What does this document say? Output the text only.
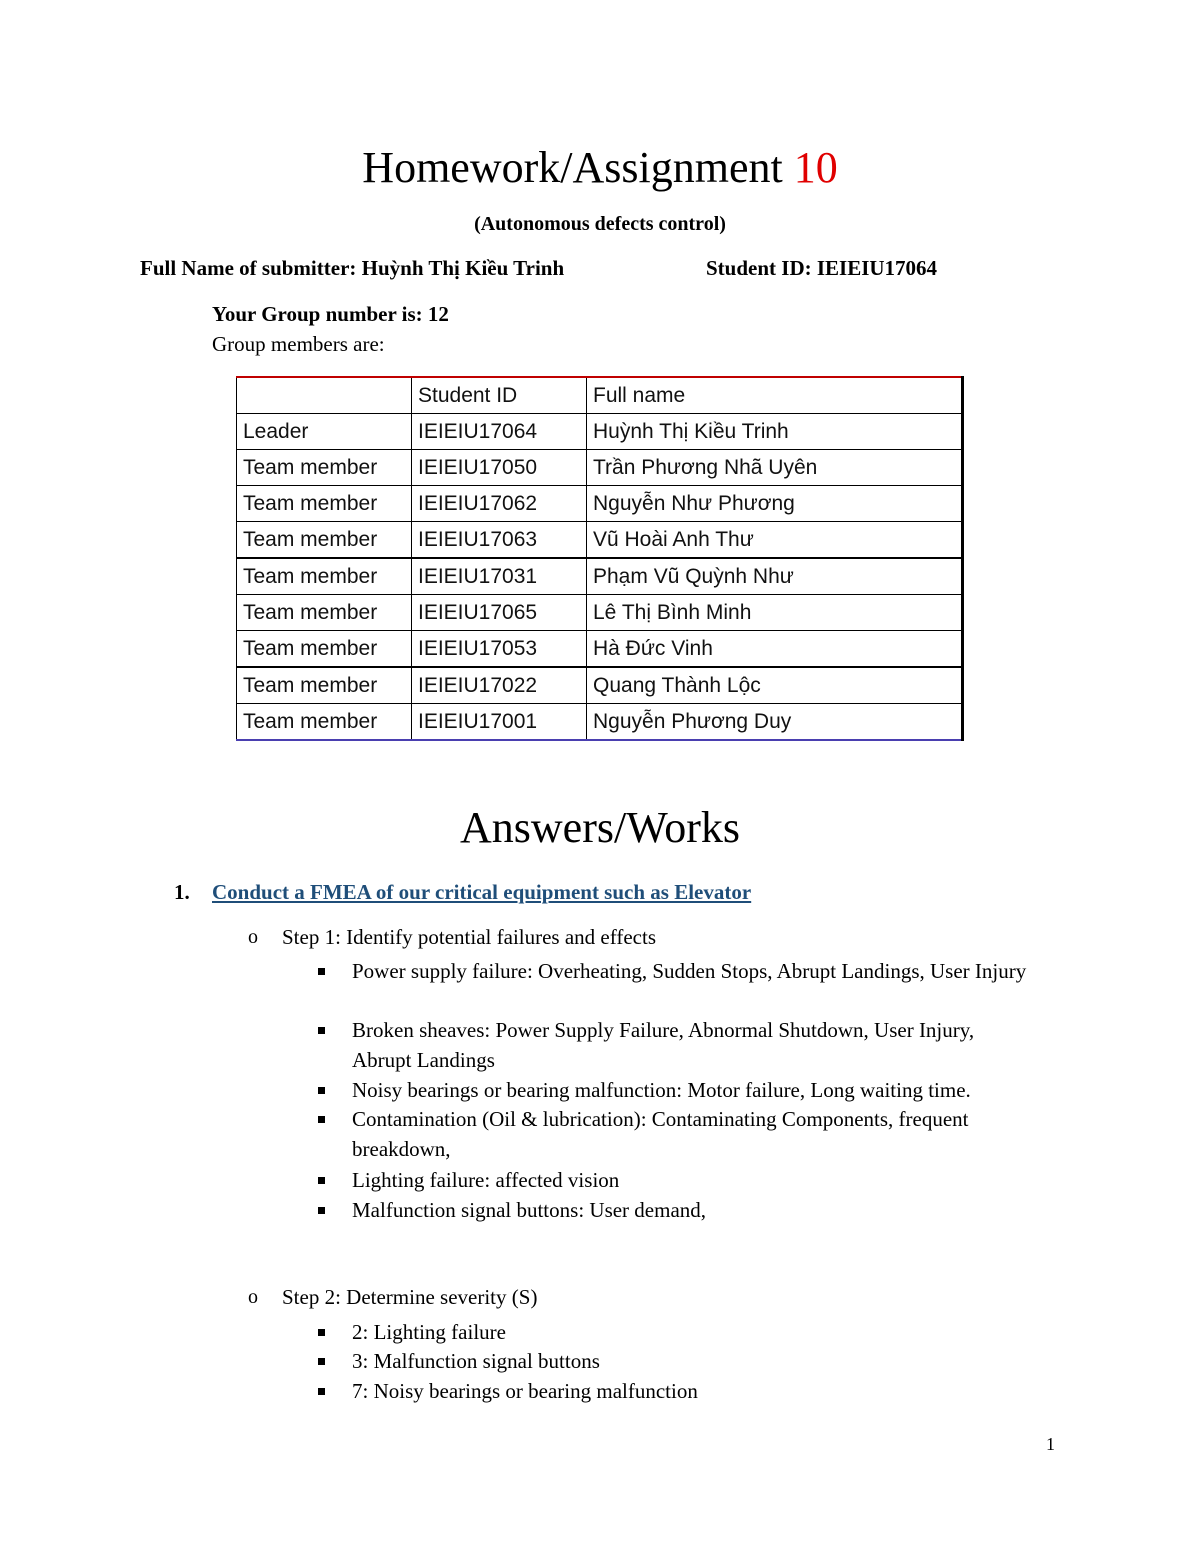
Homework/Assignment 10
(Autonomous defects control)
Full Name of submitter: Huỳnh Thị Kiều Trinh	Student ID: IEIEIU17064
Your Group number is: 12
Group members are:
	Student ID	Full name
Leader	IEIEIU17064	Huỳnh Thị Kiều Trinh
Team member	IEIEIU17050	Trần Phương Nhã Uyên
Team member	IEIEIU17062	Nguyễn Như Phương
Team member	IEIEIU17063	Vũ Hoài Anh Thư
Team member	IEIEIU17031	Phạm Vũ Quỳnh Như
Team member	IEIEIU17065	Lê Thị Bình Minh
Team member	IEIEIU17053	Hà Đức Vinh
Team member	IEIEIU17022	Quang Thành Lộc
Team member	IEIEIU17001	Nguyễn Phương Duy
Answers/Works
1. Conduct a FMEA of our critical equipment such as Elevator
o Step 1: Identify potential failures and effects
Power supply failure: Overheating, Sudden Stops, Abrupt Landings, User Injury
Broken sheaves: Power Supply Failure, Abnormal Shutdown, User Injury, Abrupt Landings
Noisy bearings or bearing malfunction: Motor failure, Long waiting time.
Contamination (Oil & lubrication): Contaminating Components, frequent breakdown,
Lighting failure: affected vision
Malfunction signal buttons: User demand,
o Step 2: Determine severity (S)
2: Lighting failure
3: Malfunction signal buttons
7: Noisy bearings or bearing malfunction
1
